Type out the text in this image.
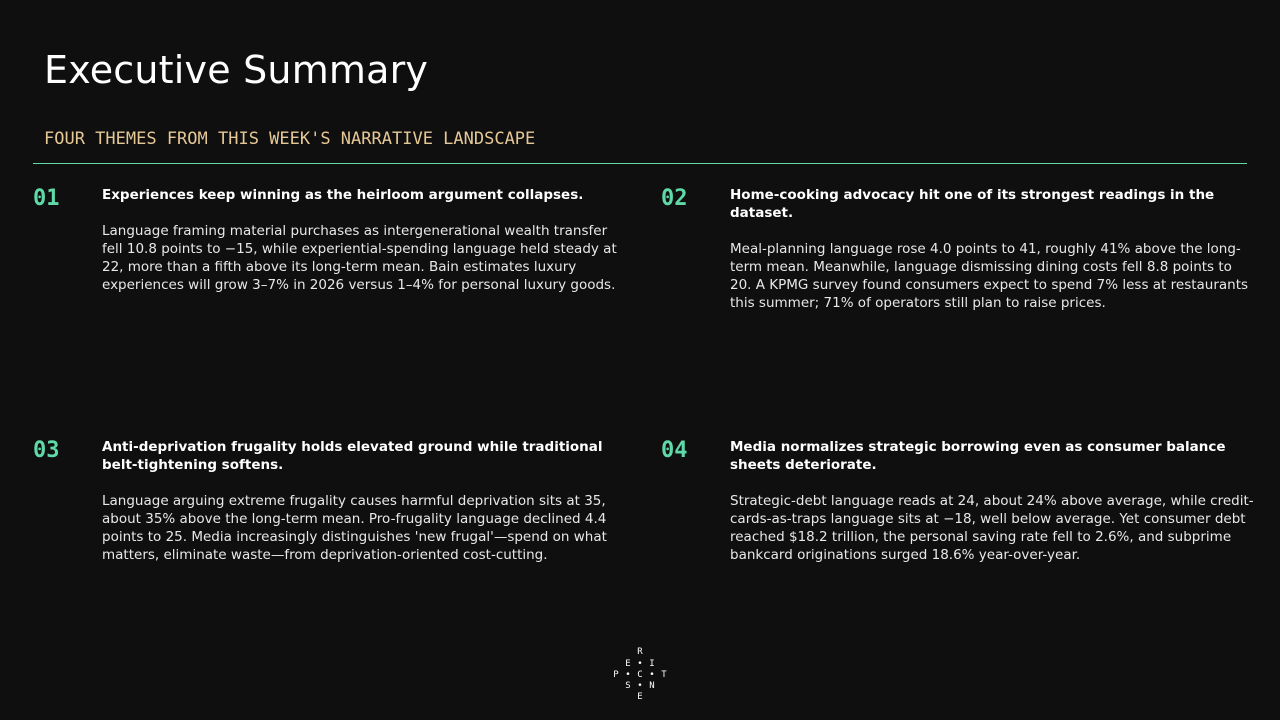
Executive Summary
FOUR THEMES FROM THIS WEEK'S NARRATIVE LANDSCAPE
01	Experiences keep winning as the heirloom argument collapses.

Language framing material purchases as intergenerational wealth transfer fell 10.8 points to −15, while experiential-spending language held steady at 22, more than a fifth above its long-term mean. Bain estimates luxury experiences will grow 3–7% in 2026 versus 1–4% for personal luxury goods.

02	Home-cooking advocacy hit one of its strongest readings in the dataset.

Meal-planning language rose 4.0 points to 41, roughly 41% above the long-term mean. Meanwhile, language dismissing dining costs fell 8.8 points to 20. A KPMG survey found consumers expect to spend 7% less at restaurants this summer; 71% of operators still plan to raise prices.

03	Anti-deprivation frugality holds elevated ground while traditional belt-tightening softens.

Language arguing extreme frugality causes harmful deprivation sits at 35, about 35% above the long-term mean. Pro-frugality language declined 4.4 points to 25. Media increasingly distinguishes 'new frugal'—spend on what matters, eliminate waste—from deprivation-oriented cost-cutting.

04	Media normalizes strategic borrowing even as consumer balance sheets deteriorate.

Strategic-debt language reads at 24, about 24% above average, while credit-cards-as-traps language sits at −18, well below average. Yet consumer debt reached $18.2 trillion, the personal saving rate fell to 2.6%, and subprime bankcard originations surged 18.6% year-over-year.

R
E I
P C T
S N
E
• •
•
•
